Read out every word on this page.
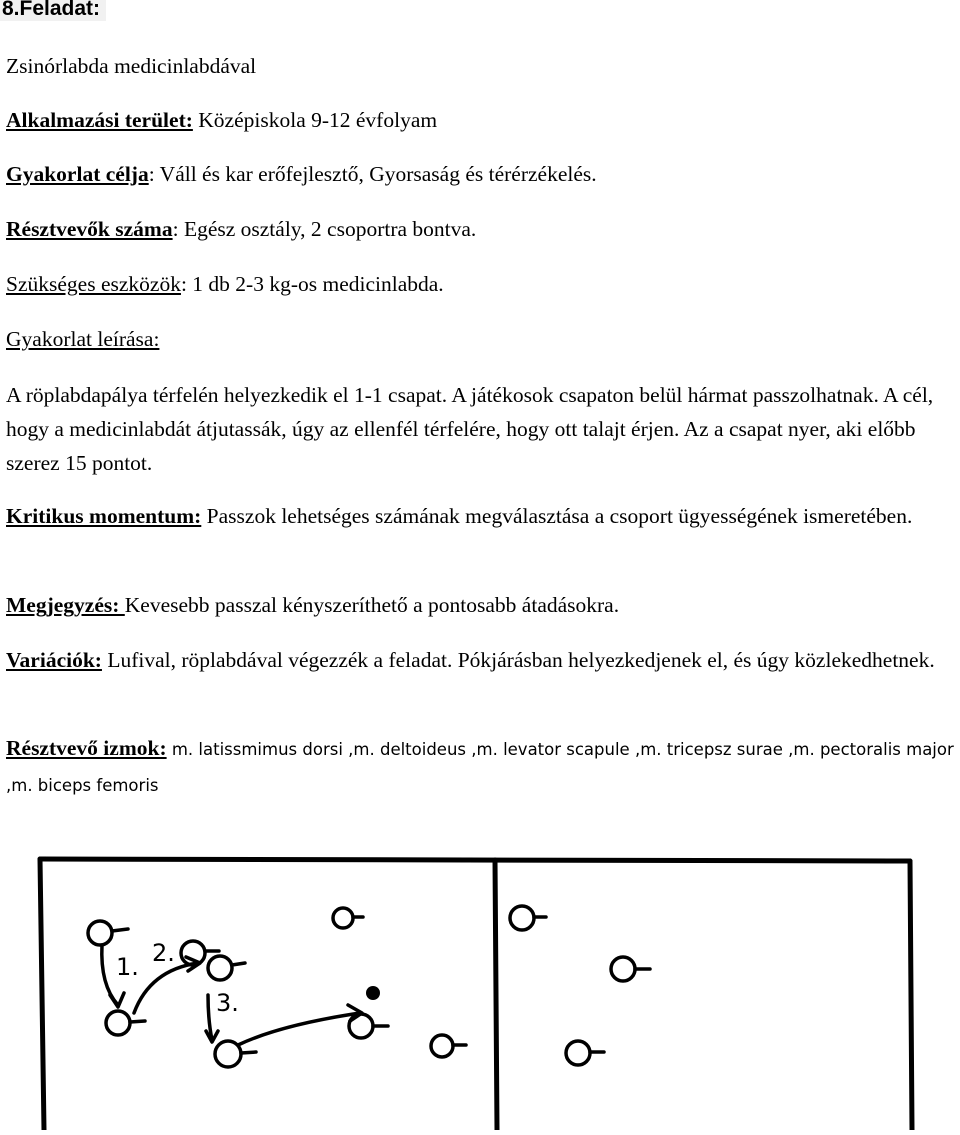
8.Feladat:

Zsinórlabda medicinlabdával

Alkalmazási terület: Középiskola 9-12 évfolyam

Gyakorlat célja: Váll és kar erőfejlesztő, Gyorsaság és térérzékelés.

Résztvevők száma: Egész osztály, 2 csoportra bontva.

Szükséges eszközök: 1 db 2-3 kg-os medicinlabda.

Gyakorlat leírása:

A röplabdapálya térfelén helyezkedik el 1-1 csapat. A játékosok csapaton belül hármat passzolhatnak. A cél, hogy a medicinlabdát átjutassák, úgy az ellenfél térfelére, hogy ott talajt érjen. Az a csapat nyer, aki előbb szerez 15 pontot.

Kritikus momentum: Passzok lehetséges számának megválasztása a csoport ügyességének ismeretében.

Megjegyzés: Kevesebb passzal kényszeríthető a pontosabb átadásokra.

Variációk: Lufival, röplabdával végezzék a feladat. Pókjárásban helyezkedjenek el, és úgy közlekedhetnek.

Résztvevő izmok: m. latissmimus dorsi ,m. deltoideus ,m. levator scapule ,m. tricepsz surae ,m. pectoralis major ,m. biceps femoris

1. 2.
3.
